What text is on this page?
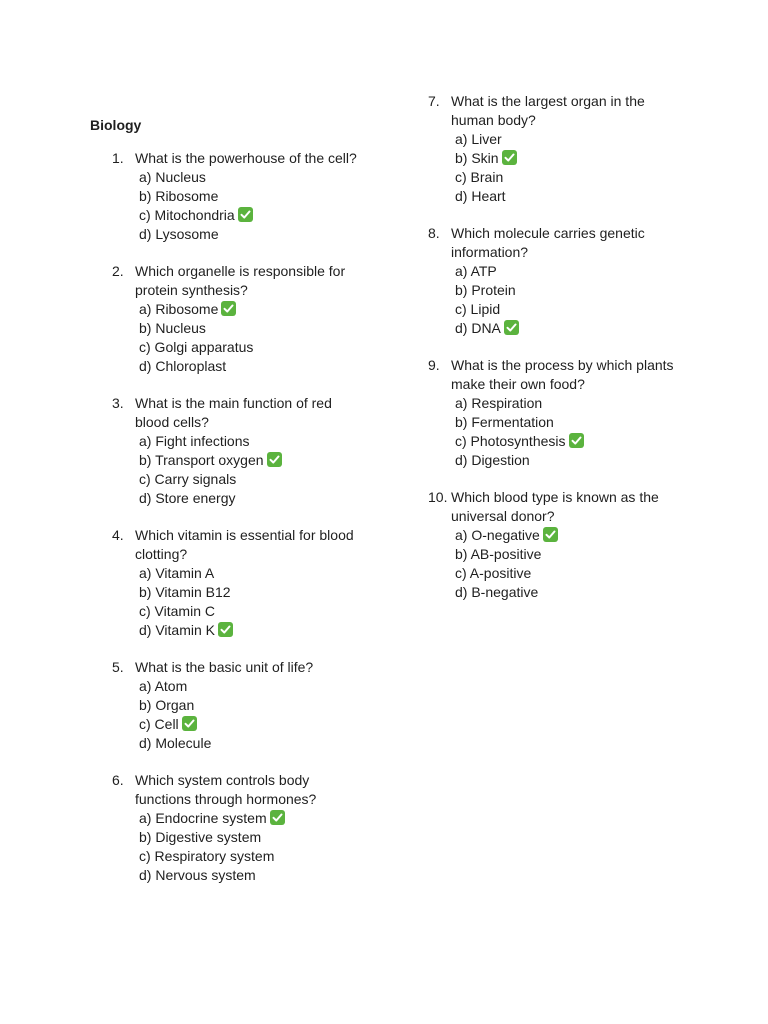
Biology
1. What is the powerhouse of the cell?
a) Nucleus
b) Ribosome
c) Mitochondria
d) Lysosome
2. Which organelle is responsible for protein synthesis?
a) Ribosome
b) Nucleus
c) Golgi apparatus
d) Chloroplast
3. What is the main function of red blood cells?
a) Fight infections
b) Transport oxygen
c) Carry signals
d) Store energy
4. Which vitamin is essential for blood clotting?
a) Vitamin A
b) Vitamin B12
c) Vitamin C
d) Vitamin K
5. What is the basic unit of life?
a) Atom
b) Organ
c) Cell
d) Molecule
6. Which system controls body functions through hormones?
a) Endocrine system
b) Digestive system
c) Respiratory system
d) Nervous system
7. What is the largest organ in the human body?
a) Liver
b) Skin
c) Brain
d) Heart
8. Which molecule carries genetic information?
a) ATP
b) Protein
c) Lipid
d) DNA
9. What is the process by which plants make their own food?
a) Respiration
b) Fermentation
c) Photosynthesis
d) Digestion
10. Which blood type is known as the universal donor?
a) O-negative
b) AB-positive
c) A-positive
d) B-negative
